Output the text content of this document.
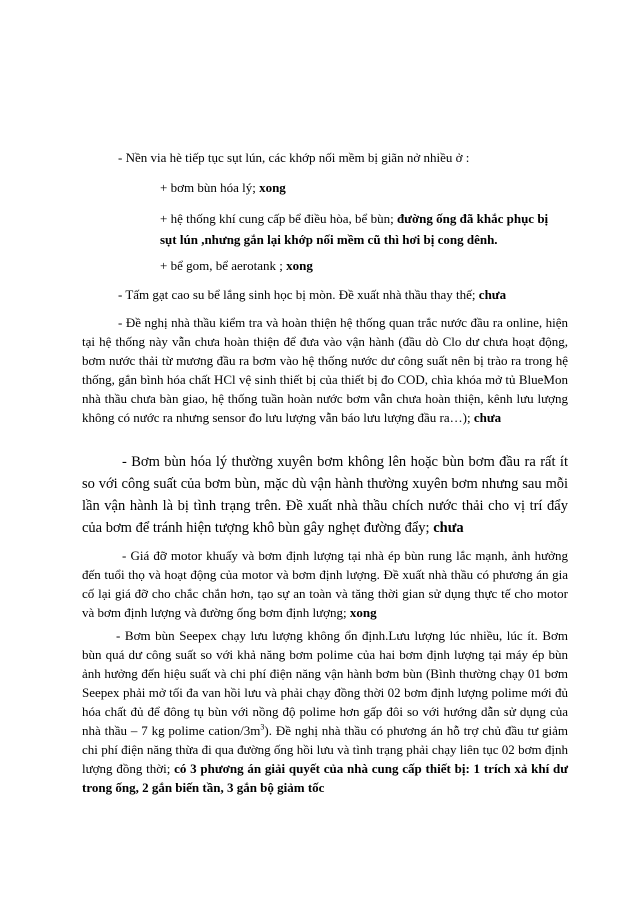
- Nền via hè tiếp tục sụt lún, các khớp nối mềm bị giãn nở nhiều ở :

+ bơm bùn hóa lý; xong

+ hệ thống khí cung cấp bể điều hòa, bể bùn; đường ống đã khắc phục bị sụt lún ,nhưng gắn lại khớp nối mềm cũ thì hơi bị cong dênh.

+ bể gom, bể aerotank ; xong

- Tấm gạt cao su bể lắng sinh học bị mòn. Đề xuất nhà thầu thay thế; chưa

- Đề nghị nhà thầu kiểm tra và hoàn thiện hệ thống quan trắc nước đầu ra online, hiện tại hệ thống này vẫn chưa hoàn thiện để đưa vào vận hành (đầu dò Clo dư chưa hoạt động, bơm nước thải từ mương đầu ra bơm vào hệ thống nước dư công suất nên bị trào ra trong hệ thống, gắn bình hóa chất HCl vệ sinh thiết bị của thiết bị đo COD, chìa khóa mở tủ BlueMon nhà thầu chưa bàn giao, hệ thống tuần hoàn nước bơm vẫn chưa hoàn thiện, kênh lưu lượng không có nước ra nhưng sensor đo lưu lượng vẫn báo lưu lượng đầu ra…); chưa

- Bơm bùn hóa lý thường xuyên bơm không lên hoặc bùn bơm đầu ra rất ít so với công suất của bơm bùn, mặc dù vận hành thường xuyên bơm nhưng sau mỗi lần vận hành là bị tình trạng trên. Đề xuất nhà thầu chích nước thải cho vị trí đẩy của bơm để tránh hiện tượng khô bùn gây nghẹt đường đẩy; chưa

- Giá đỡ motor khuấy và bơm định lượng tại nhà ép bùn rung lắc mạnh, ảnh hưởng đến tuổi thọ và hoạt động của motor và bơm định lượng. Đề xuất nhà thầu có phương án gia cố lại giá đỡ cho chắc chắn hơn, tạo sự an toàn và tăng thời gian sử dụng thực tế cho motor và bơm định lượng và đường ống bơm định lượng; xong

- Bơm bùn Seepex chạy lưu lượng không ổn định.Lưu lượng lúc nhiều, lúc ít. Bơm bùn quá dư công suất so với khả năng bơm polime của hai bơm định lượng tại máy ép bùn ảnh hưởng đến hiệu suất và chi phí điện năng vận hành bơm bùn (Bình thường chạy 01 bơm Seepex phải mở tối đa van hồi lưu và phải chạy đồng thời 02 bơm định lượng polime mới đủ hóa chất đủ để đông tụ bùn với nồng độ polime hơn gấp đôi so với hướng dẫn sử dụng của nhà thầu – 7 kg polime cation/$3m^3$). Đề nghị nhà thầu có phương án hỗ trợ chủ đầu tư giảm chi phí điện năng thừa đi qua đường ống hồi lưu và tình trạng phải chạy liên tục 02 bơm định lượng đồng thời; có 3 phương án giải quyết của nhà cung cấp thiết bị: 1 trích xả khí dư trong ống, 2 gắn biến tần, 3 gắn bộ giảm tốc
